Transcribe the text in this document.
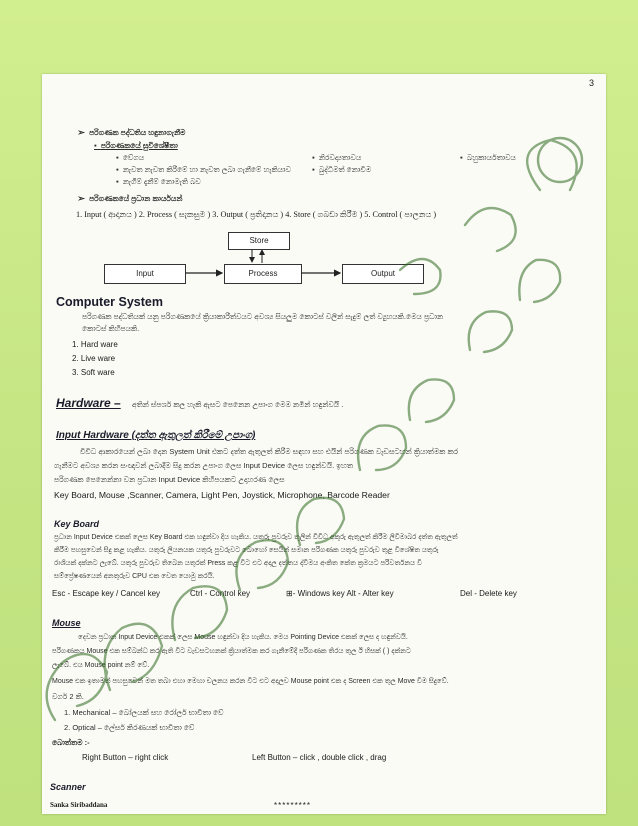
3
➢  පරිගණක පද්ධතිය හඳුනාගැනීම
▪  පරිගණකයේ සුවිශේෂීතා
▪  වේගය	▪  නිරවද්‍යතාවය	▪  බහුකාර්යතාවය
▪  නැවත නැවත කිරීමේ හා නැවත ලබා ගැනීමේ හැකියාව	▪  බුද්ධිමත් නොවීම
▪  නැගීම් දැනීම් නොමැති බව
➢  පරිගණකයේ ප්‍රධාන කාර්යයන්
1. Input ( ආදානය ) 2. Process ( සැකසුම ) 3. Output ( ප්‍රතිදානය ) 4. Store ( ගබඩා කිරීම ) 5. Control ( පාලනය )
Store
Input	Process	Output
Computer System
පරිගණක පද්ධතියක් යනු පරිගණකයේ ක්‍රියාකාරීත්වයට අවශ්‍ය සියලුම කොටස් වලින් සැදුම් ලත් ව්‍යුහයකි.මෙය ප්‍රධාන
කොටස් කිහිපයකි.
1. Hard ware
2. Live ware
3. Soft ware
Hardware – අතින් ස්පර්ශ කල හැකි ඇසට පෙනෙන උපාංග මෙම නමින් හඳුන්වයි .
Input Hardware (දත්ත ඇතුලත් කිරීමේ උපාංග)
විවිධ ආකාරයෙන් ලබා දෙන System Unit එකට දත්ත ඇතුලත් කිරීම සඳහා සහ එයින් පරිගණක වැඩසටහන් ක්‍රියාත්මක කර
ගැනීමට අවශ්‍ය කරන සංඥාවන් ලබාදීම සිදු කරන උපාංග ලෙස Input Device ලෙස හඳුන්වයි. ඉහත
පරිගණක පෙනෙන්නා වන ප්‍රධාන Input Device කිහිපයකට උදාහරණ ලෙස
Key Board, Mouse ,Scanner, Camera, Light Pen, Joystick, Microphone, Barcode Reader
Key Board
ප්‍රධාන Input Device එකක් ලෙස Key Board එක හඳුන්වා දිය හැකිය. යතුරු පුවරුව තුලින් විවිධ අකුරු ඇතුලත් කිරීම ලිවිමාබර දත්ත ඇතුලත්
කිරීම පහසුවෙන් සිදු කළ හැකිය. යතුරු ලියනයක යතුරු පුවරුවට බොහෝ සෙයින් සමාන පරිගණක යතුරු පුවරුව තුළ විශේෂිත යතුරු
රාශියක් දක්නට ලැබේ. යතුරු පුවරුව තිබෙන යතුරක් Press කළ විට එට අදාල දත්තය ද්විමය අංකිත කේත ක්‍රමයට පරිවර්තනය වී
සම්ප්‍රේෂණයෙන් අනතුරුව CPU එක වෙත යොමු කරයි.
Esc - Escape key / Cancel key	Ctrl - Control key	⊞- Windows key Alt - Alter key	Del - Delete key
Mouse
දෙවන ප්‍රධාන Input Device එකක් ලෙස Mouse හඳුන්වා දිය හැකිය. මෙය Pointing Device එකක් ලෙස ද හඳුන්වයි.
පරිගණකය Mouse එක සම්බන්ධ කර ඇති විට වැඩසටහනක් ක්‍රියාත්මක කර ගැනීමේදී පරිගණක තිරය තුල ඊ හිසක් ( ) දක්නට
ලැබේ. එය Mouse point නම් වේ.
Mouse එක ඉතාමත් පහසුවෙන් මත තබා එහා මෙහා චලනය කරන විට එට අදාලව Mouse point එක ද Screen එක තුල Move වීම සිදුවේ.
වර්ග 2 කි.
1. Mechanical – බෝලයක් සහ රෝලර් භාවිතා වේ
2. Optical – ලේසර් කිරණයක් භාවිතා වේ
බොත්තම :-
Right Button – right click	Left Button – click , double click , drag
Scanner
Sanka Siribaddana	*********
